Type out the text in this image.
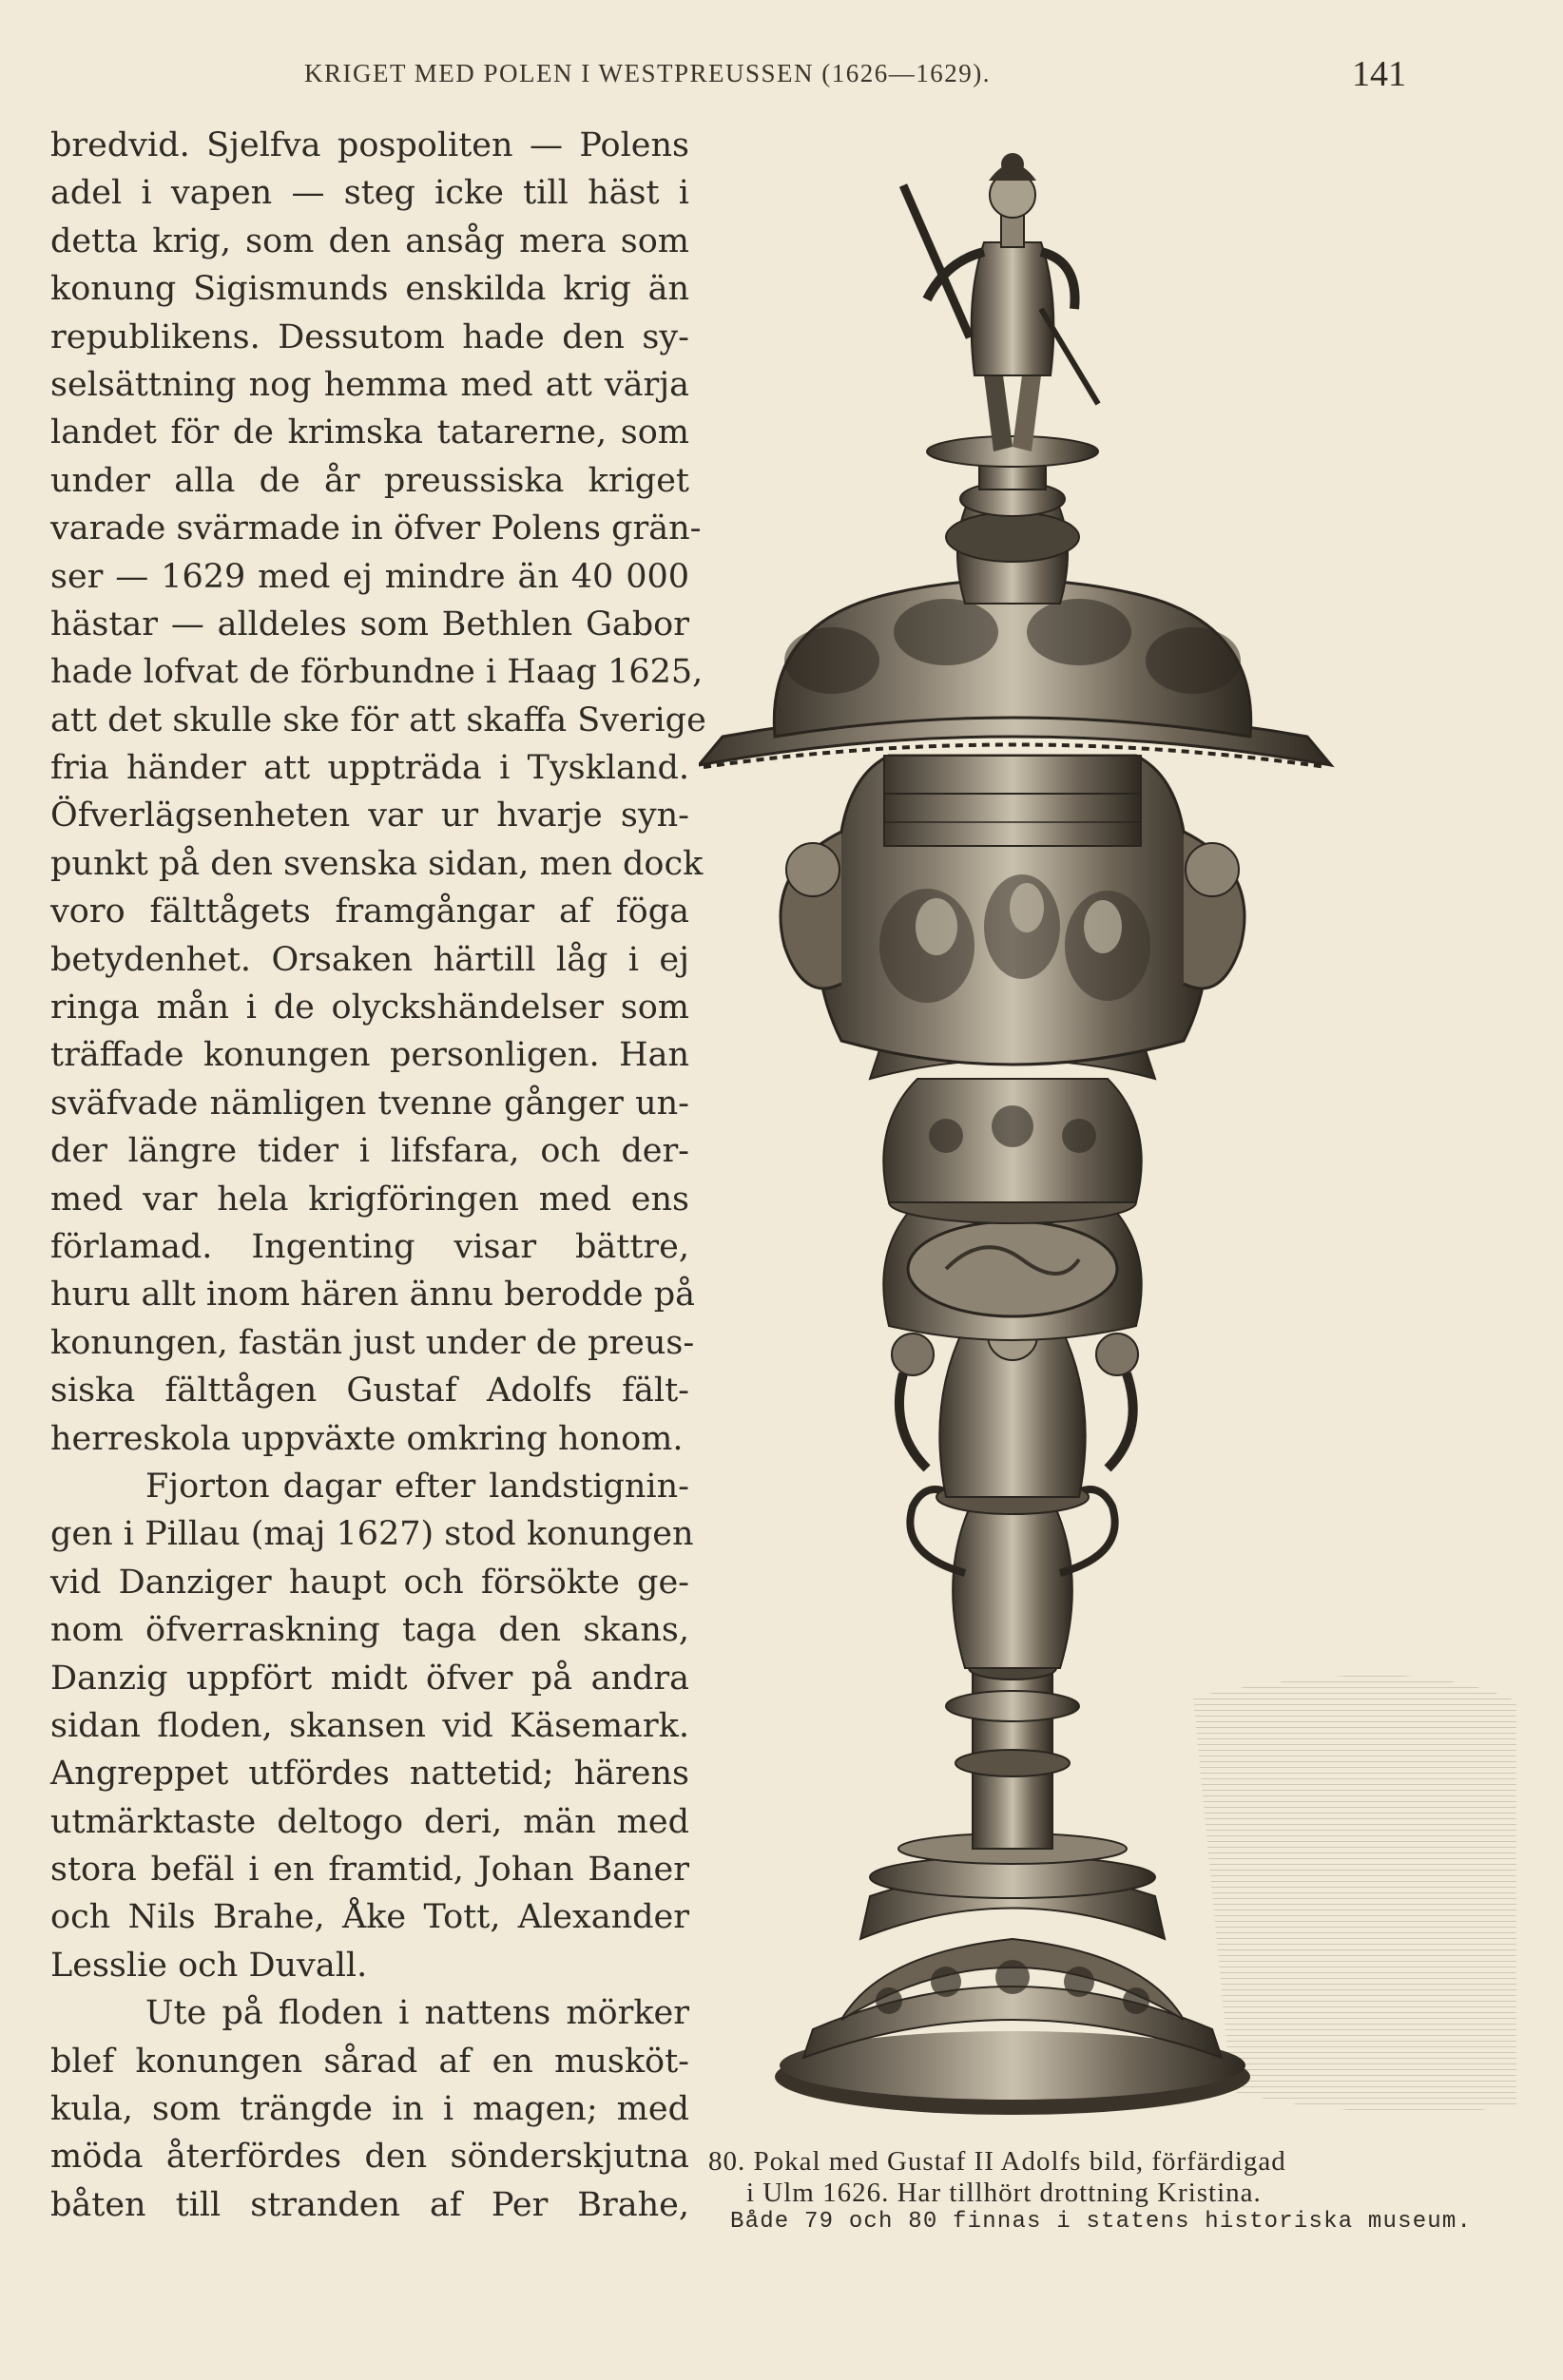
KRIGET MED POLEN I WESTPREUSSEN (1626—1629).	141
bredvid. Sjelfva pospoliten — Polens
adel i vapen — steg icke till häst i
detta krig, som den ansåg mera som
konung Sigismunds enskilda krig än
republikens. Dessutom hade den sy-
selsättning nog hemma med att värja
landet för de krimska tatarerne, som
under alla de år preussiska kriget
varade svärmade in öfver Polens grän-
ser — 1629 med ej mindre än 40 000
hästar — alldeles som Bethlen Gabor
hade lofvat de förbundne i Haag 1625,
att det skulle ske för att skaffa Sverige
fria händer att uppträda i Tyskland.
Öfverlägsenheten var ur hvarje syn-
punkt på den svenska sidan, men dock
voro fälttågets framgångar af föga
betydenhet. Orsaken härtill låg i ej
ringa mån i de olyckshändelser som
träffade konungen personligen. Han
sväfvade nämligen tvenne gånger un-
der längre tider i lifsfara, och der-
med var hela krigföringen med ens
förlamad. Ingenting visar bättre,
huru allt inom hären ännu berodde på
konungen, fastän just under de preus-
siska fälttågen Gustaf Adolfs fält-
herreskola uppväxte omkring honom.
Fjorton dagar efter landstignin-
gen i Pillau (maj 1627) stod konungen
vid Danziger haupt och försökte ge-
nom öfverraskning taga den skans,
Danzig uppfört midt öfver på andra
sidan floden, skansen vid Käsemark.
Angreppet utfördes nattetid; härens
utmärktaste deltogo deri, män med
stora befäl i en framtid, Johan Baner
och Nils Brahe, Åke Tott, Alexander
Lesslie och Duvall.
Ute på floden i nattens mörker
blef konungen sårad af en musköt-
kula, som trängde in i magen; med
möda återfördes den sönderskjutna
båten till stranden af Per Brahe,
80. Pokal med Gustaf II Adolfs bild, förfärdigad
i Ulm 1626. Har tillhört drottning Kristina.
Både 79 och 80 finnas i statens historiska museum.
